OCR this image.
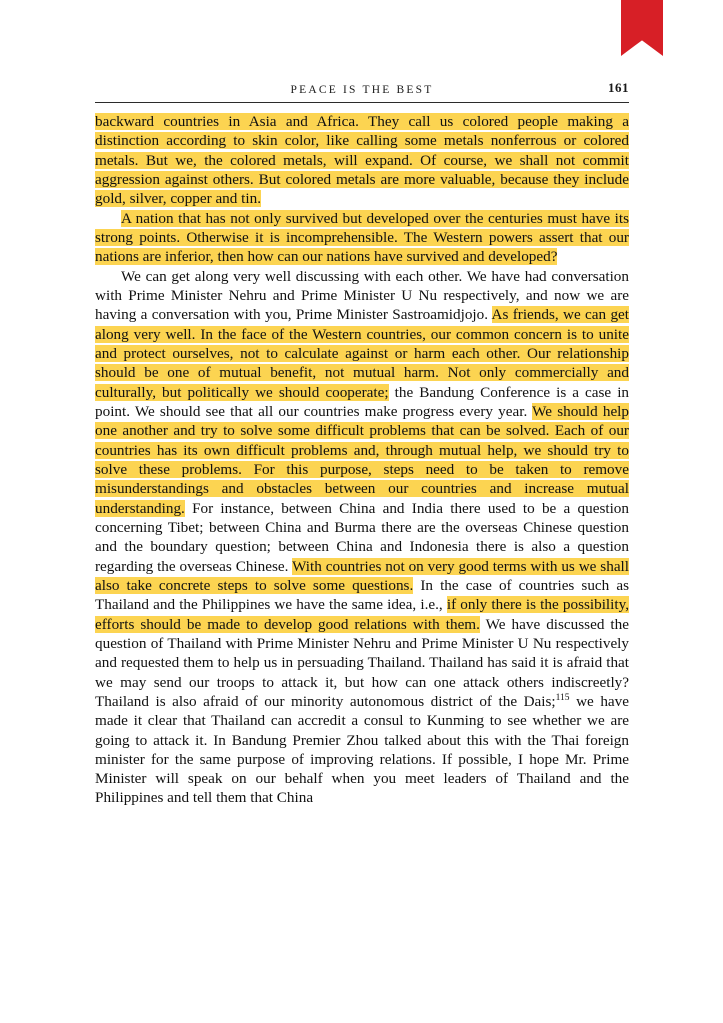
PEACE IS THE BEST	161

backward countries in Asia and Africa. They call us colored people making a distinction according to skin color, like calling some metals nonferrous or colored metals. But we, the colored metals, will expand. Of course, we shall not commit aggression against others. But colored metals are more valuable, because they include gold, silver, copper and tin.

A nation that has not only survived but developed over the centuries must have its strong points. Otherwise it is incomprehensible. The Western powers assert that our nations are inferior, then how can our nations have survived and developed?

We can get along very well discussing with each other. We have had conversation with Prime Minister Nehru and Prime Minister U Nu respectively, and now we are having a conversation with you, Prime Minister Sastroamidjojo. As friends, we can get along very well. In the face of the Western countries, our common concern is to unite and protect ourselves, not to calculate against or harm each other. Our relationship should be one of mutual benefit, not mutual harm. Not only commercially and culturally, but politically we should cooperate; the Bandung Conference is a case in point. We should see that all our countries make progress every year. We should help one another and try to solve some difficult problems that can be solved. Each of our countries has its own difficult problems and, through mutual help, we should try to solve these problems. For this purpose, steps need to be taken to remove misunderstandings and obstacles between our countries and increase mutual understanding. For instance, between China and India there used to be a question concerning Tibet; between China and Burma there are the overseas Chinese question and the boundary question; between China and Indonesia there is also a question regarding the overseas Chinese. With countries not on very good terms with us we shall also take concrete steps to solve some questions. In the case of countries such as Thailand and the Philippines we have the same idea, i.e., if only there is the possibility, efforts should be made to develop good relations with them. We have discussed the question of Thailand with Prime Minister Nehru and Prime Minister U Nu respectively and requested them to help us in persuading Thailand. Thailand has said it is afraid that we may send our troops to attack it, but how can one attack others indiscreetly? Thailand is also afraid of our minority autonomous district of the Dais;$^{115}$ we have made it clear that Thailand can accredit a consul to Kunming to see whether we are going to attack it. In Bandung Premier Zhou talked about this with the Thai foreign minister for the same purpose of improving relations. If possible, I hope Mr. Prime Minister will speak on our behalf when you meet leaders of Thailand and the Philippines and tell them that China
